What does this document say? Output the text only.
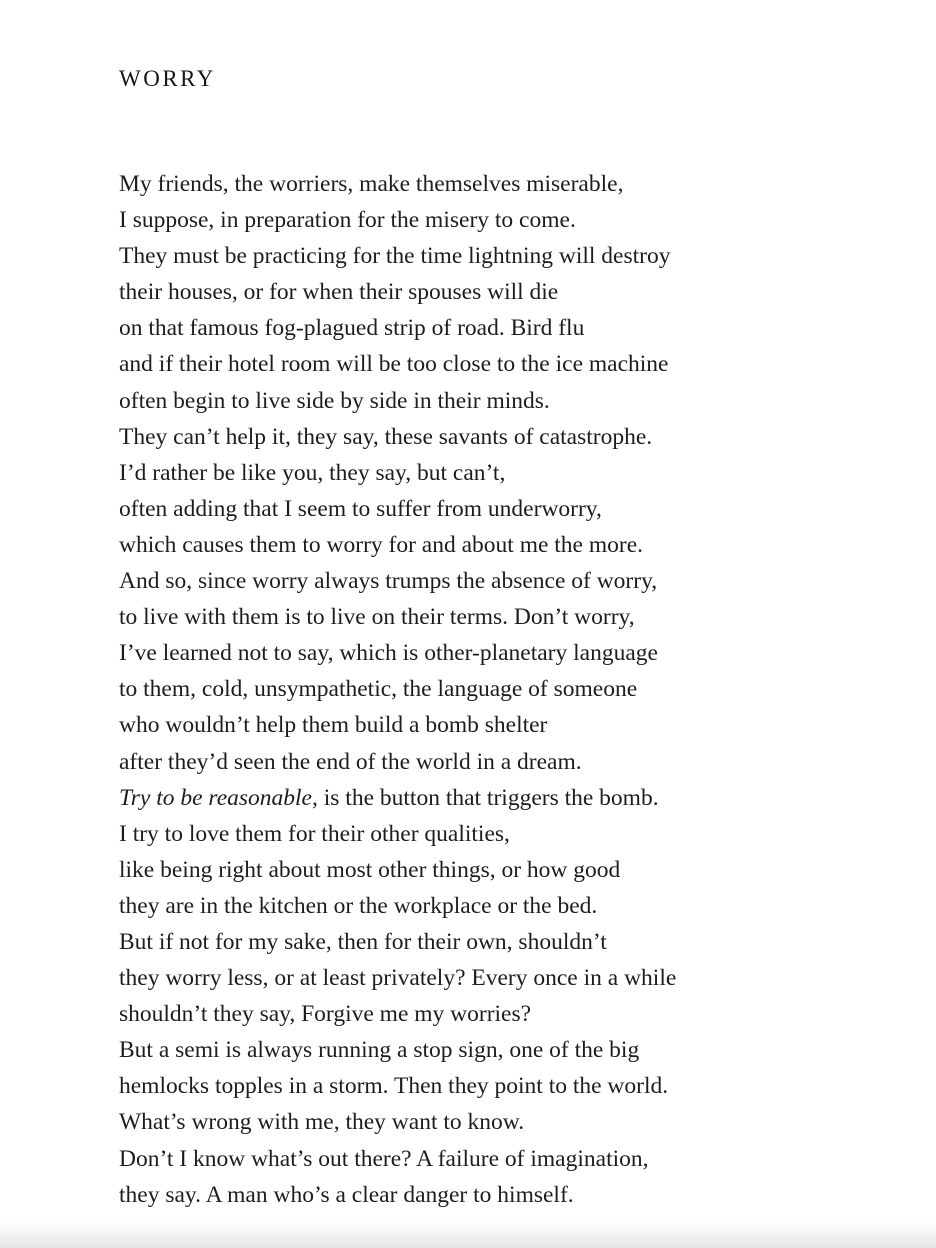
WORRY
My friends, the worriers, make themselves miserable,
I suppose, in preparation for the misery to come.
They must be practicing for the time lightning will destroy
their houses, or for when their spouses will die
on that famous fog-plagued strip of road. Bird flu
and if their hotel room will be too close to the ice machine
often begin to live side by side in their minds.
They can’t help it, they say, these savants of catastrophe.
I’d rather be like you, they say, but can’t,
often adding that I seem to suffer from underworry,
which causes them to worry for and about me the more.
And so, since worry always trumps the absence of worry,
to live with them is to live on their terms. Don’t worry,
I’ve learned not to say, which is other-planetary language
to them, cold, unsympathetic, the language of someone
who wouldn’t help them build a bomb shelter
after they’d seen the end of the world in a dream.
Try to be reasonable, is the button that triggers the bomb.
I try to love them for their other qualities,
like being right about most other things, or how good
they are in the kitchen or the workplace or the bed.
But if not for my sake, then for their own, shouldn’t
they worry less, or at least privately? Every once in a while
shouldn’t they say, Forgive me my worries?
But a semi is always running a stop sign, one of the big
hemlocks topples in a storm. Then they point to the world.
What’s wrong with me, they want to know.
Don’t I know what’s out there? A failure of imagination,
they say. A man who’s a clear danger to himself.
